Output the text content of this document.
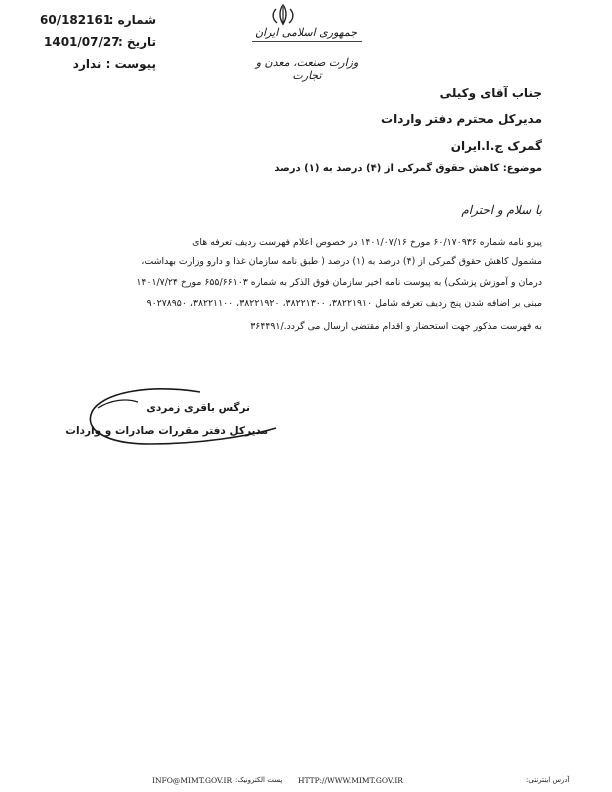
60/182161
شماره :
1401/07/27
تاریخ :
پیوست : ندارد
جمهوری اسلامی ایران
وزارت صنعت، معدن و تجارت
جناب آقای وکیلی
مدیرکل محترم دفتر واردات
گمرک ج.ا.ایران
موضوع: کاهش حقوق گمرکی از (۴) درصد به (۱) درصد
با سلام و احترام
پیرو نامه شماره ۶۰/۱۷۰۹۳۶ مورخ ۱۴۰۱/۰۷/۱۶ در خصوص اعلام فهرست ردیف تعرفه های
مشمول کاهش حقوق گمرکی از (۴) درصد به (۱) درصد ( طبق نامه سازمان غذا و دارو وزارت بهداشت،
درمان و آموزش پزشکی) به پیوست نامه اخیر سازمان فوق الذکر به شماره ۶۵۵/۶۶۱۰۳ مورخ ۱۴۰۱/۷/۲۴
مبنی بر اضافه شدن پنج ردیف تعرفه شامل ۳۸۲۲۱۹۱۰، ۳۸۲۲۱۳۰۰، ۳۸۲۲۱۹۲۰، ۳۸۲۲۱۱۰۰، ۹۰۲۷۸۹۵۰
به فهرست مذکور جهت استحضار و اقدام مقتضی ارسال می گردد./۳۶۴۴۹۱
نرگس باقری زمردی
مدیرکل دفتر مقررات صادرات و واردات
INFO@MIMT.GOV.IR پست الکترونیک: HTTP://WWW.MIMT.GOV.IR	آدرس اینترنتی:
